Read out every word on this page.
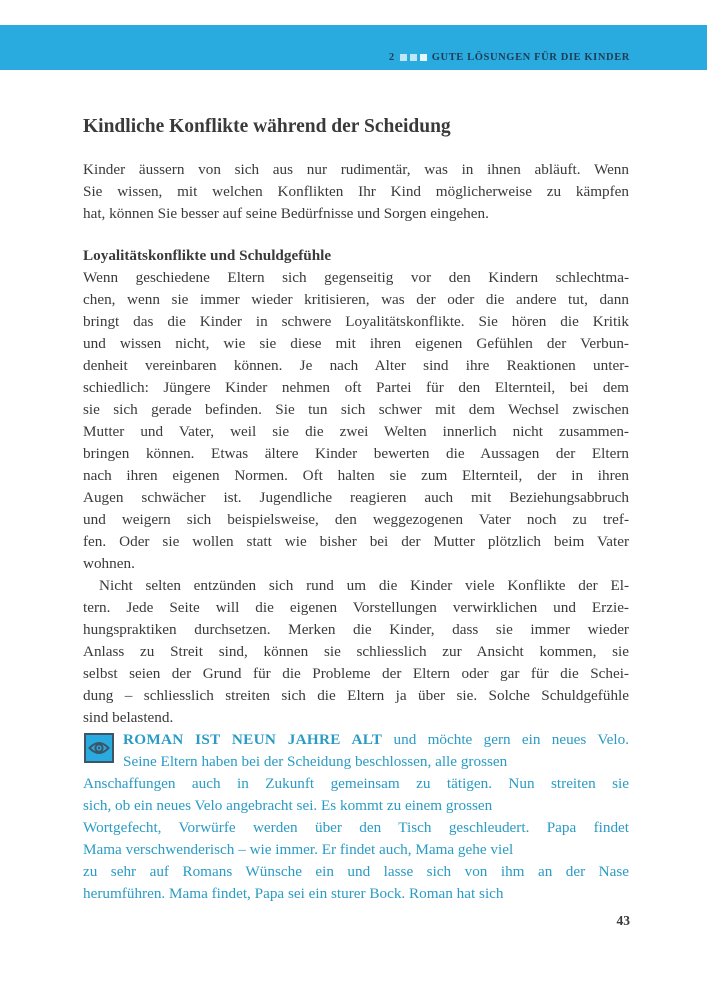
2	GUTE LÖSUNGEN FÜR DIE KINDER
Kindliche Konflikte während der Scheidung
Kinder äussern von sich aus nur rudimentär, was in ihnen abläuft. Wenn
Sie wissen, mit welchen Konflikten Ihr Kind möglicherweise zu kämpfen
hat, können Sie besser auf seine Bedürfnisse und Sorgen eingehen.
Loyalitätskonflikte und Schuldgefühle
Wenn geschiedene Eltern sich gegenseitig vor den Kindern schlechtma-
chen, wenn sie immer wieder kritisieren, was der oder die andere tut, dann
bringt das die Kinder in schwere Loyalitätskonflikte. Sie hören die Kritik
und wissen nicht, wie sie diese mit ihren eigenen Gefühlen der Verbun-
denheit vereinbaren können. Je nach Alter sind ihre Reaktionen unter-
schiedlich: Jüngere Kinder nehmen oft Partei für den Elternteil, bei dem
sie sich gerade befinden. Sie tun sich schwer mit dem Wechsel zwischen
Mutter und Vater, weil sie die zwei Welten innerlich nicht zusammen-
bringen können. Etwas ältere Kinder bewerten die Aussagen der Eltern
nach ihren eigenen Normen. Oft halten sie zum Elternteil, der in ihren
Augen schwächer ist. Jugendliche reagieren auch mit Beziehungsabbruch
und weigern sich beispielsweise, den weggezogenen Vater noch zu tref-
fen. Oder sie wollen statt wie bisher bei der Mutter plötzlich beim Vater
wohnen.
Nicht selten entzünden sich rund um die Kinder viele Konflikte der El-
tern. Jede Seite will die eigenen Vorstellungen verwirklichen und Erzie-
hungspraktiken durchsetzen. Merken die Kinder, dass sie immer wieder
Anlass zu Streit sind, können sie schliesslich zur Ansicht kommen, sie
selbst seien der Grund für die Probleme der Eltern oder gar für die Schei-
dung – schliesslich streiten sich die Eltern ja über sie. Solche Schuldgefühle
sind belastend.
ROMAN IST NEUN JAHRE ALT und möchte gern ein neues Velo.
Seine Eltern haben bei der Scheidung beschlossen, alle grossen
Anschaffungen auch in Zukunft gemeinsam zu tätigen. Nun streiten sie
sich, ob ein neues Velo angebracht sei. Es kommt zu einem grossen
Wortgefecht, Vorwürfe werden über den Tisch geschleudert. Papa findet
Mama verschwenderisch – wie immer. Er findet auch, Mama gehe viel
zu sehr auf Romans Wünsche ein und lasse sich von ihm an der Nase
herumführen. Mama findet, Papa sei ein sturer Bock. Roman hat sich
43
